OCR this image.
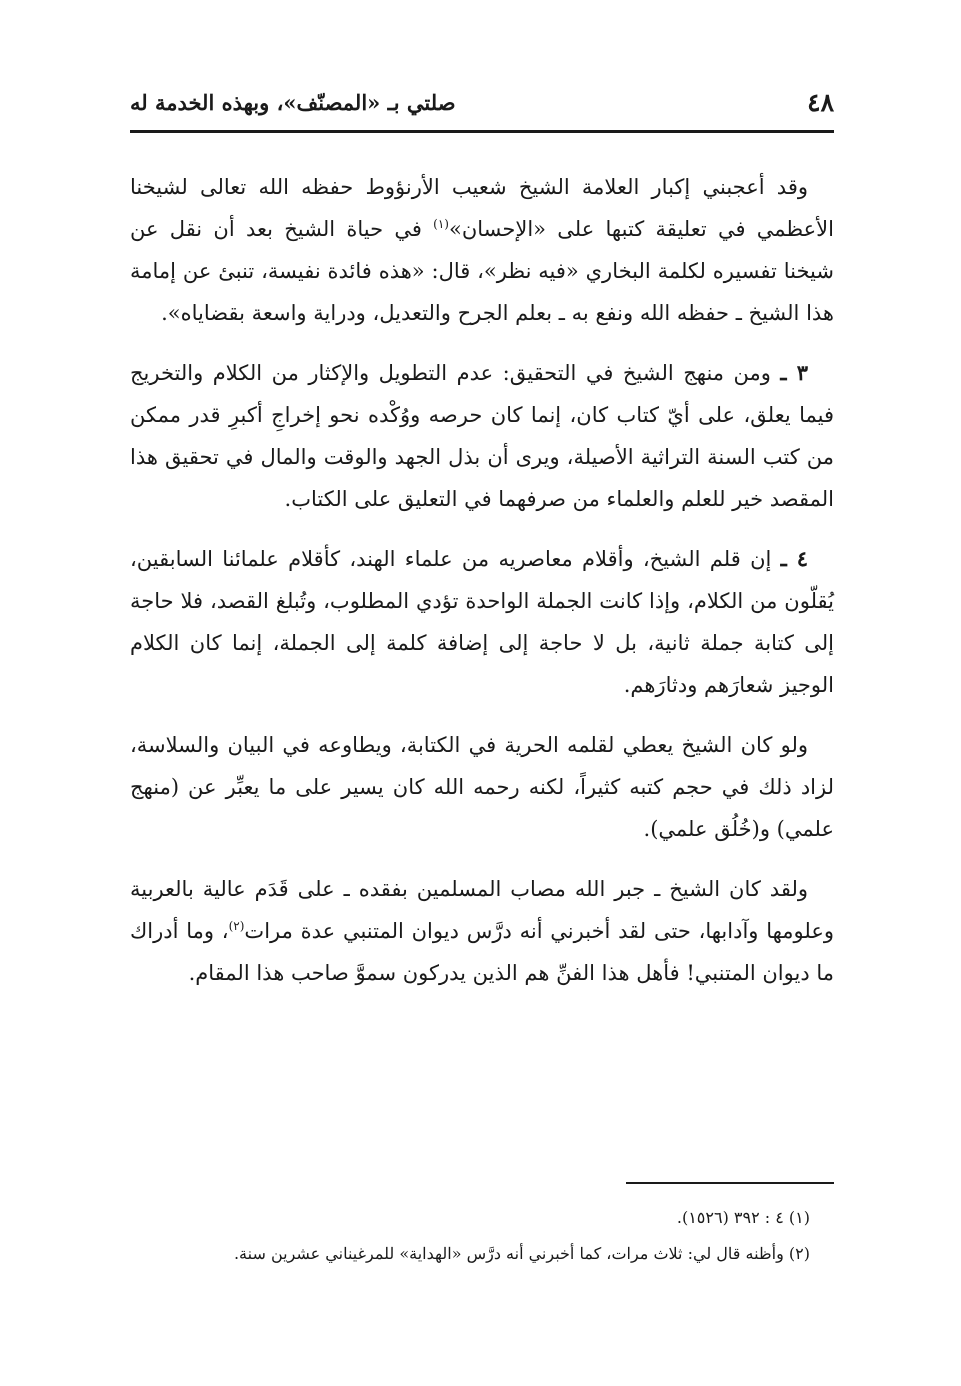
٤٨
صلتي بـ «المصنّف»، وبهذه الخدمة له

وقد أعجبني إكبار العلامة الشيخ شعيب الأرنؤوط حفظه الله تعالى لشيخنا الأعظمي في تعليقة كتبها على «الإحسان»$^{(١)}$ في حياة الشيخ بعد أن نقل عن شيخنا تفسيره لكلمة البخاري «فيه نظر»، قال: «هذه فائدة نفيسة، تنبئ عن إمامة هذا الشيخ ـ حفظه الله ونفع به ـ بعلم الجرح والتعديل، ودراية واسعة بقضاياه».

٣ ـ ومن منهج الشيخ في التحقيق: عدم التطويل والإكثار من الكلام والتخريج فيما يعلق، على أيّ كتاب كان، إنما كان حرصه ووُكْده نحو إخراجِ أكبرِ قدر ممكن من كتب السنة التراثية الأصيلة، ويرى أن بذل الجهد والوقت والمال في تحقيق هذا المقصد خير للعلم والعلماء من صرفهما في التعليق على الكتاب.

٤ ـ إن قلم الشيخ، وأقلام معاصريه من علماء الهند، كأقلام علمائنا السابقين، يُقلّون من الكلام، وإذا كانت الجملة الواحدة تؤدي المطلوب، وتُبلغ القصد، فلا حاجة إلى كتابة جملة ثانية، بل لا حاجة إلى إضافة كلمة إلى الجملة، إنما كان الكلام الوجيز شعارَهم ودثارَهم.

ولو كان الشيخ يعطي لقلمه الحرية في الكتابة، ويطاوعه في البيان والسلاسة، لزاد ذلك في حجم كتبه كثيراً، لكنه رحمه الله كان يسير على ما يعبِّر عن (منهج علمي) و(خُلُق علمي).

ولقد كان الشيخ ـ جبر الله مصاب المسلمين بفقده ـ على قَدَم عالية بالعربية وعلومها وآدابها، حتى لقد أخبرني أنه درَّس ديوان المتنبي عدة مرات$^{(٢)}$، وما أدراك ما ديوان المتنبي! فأهل هذا الفنِّ هم الذين يدركون سموَّ صاحب هذا المقام.

(١) ٤ : ٣٩٢ (١٥٢٦).

(٢) وأظنه قال لي: ثلاث مرات، كما أخبرني أنه درَّس «الهداية» للمرغيناني عشرين سنة.
